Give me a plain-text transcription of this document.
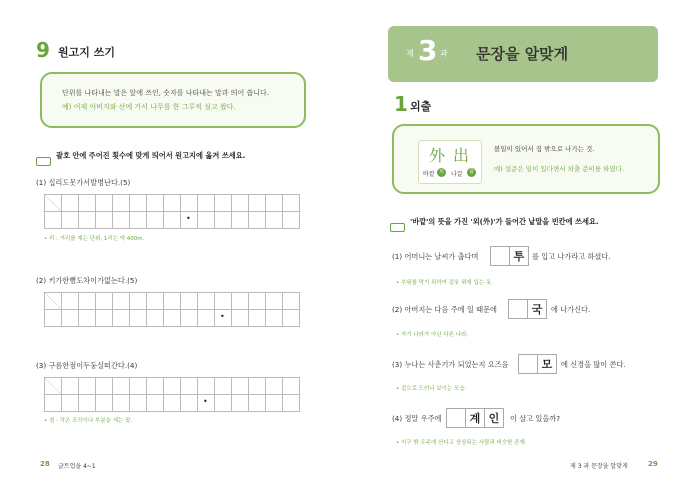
9 원고지 쓰기

단위를 나타내는 말은 앞에 쓰인, 숫자를 나타내는 말과 띄어 씁니다.

예) 어제 아버지와 산에 가서 나무를 한 그루씩 심고 왔다.

괄호 안에 주어진 횟수에 맞게 띄어서 원고지에 옮겨 쓰세요.
(1) 십리도못가서발병난다.(5)

								•						
• 리 : 거리를 재는 단위. 1리는 약 400m.
(2) 키가한뼘도차이가없는다.(5)

										•				
(3) 구름한점이두둥실떠간다.(4)

									•					
• 점 : 작은 조각이나 부분을 세는 말.
28 글트업을 4~1
제 3 과 문장을 알맞게
1 외출
外 出
바깥 외	나갈	출
볼일이 있어서 집 밖으로 나가는 것.
예) 설준은 일이 있다면서 외출 준비를 하였다.
'바깥'의 뜻을 가진 '외(外)'가 들어간 낱말을 빈칸에 쓰세요.
(1) 어머니는 날씨가 춥다며
		투 를 입고 나가라고 하셨다.
• 추위를 막기 위하여 겉옷 위에 입는 옷.
(2) 아버지는 다음 주에 일 때문에
		국 에 나가신다.
• 자기 나라가 아닌 다른 나라.
(3) 누나는 사춘기가 되었는지 요즈음
		모 에 신경을 많이 쓴다.
• 겉으로 드러나 보이는 모습.
(4) 정말 우주에
		계	인 이 살고 있을까?
• 지구 밖 우주에 산다고 상상되는 사람과 비슷한 존재.
제 3 과 문장을 알맞게	29
